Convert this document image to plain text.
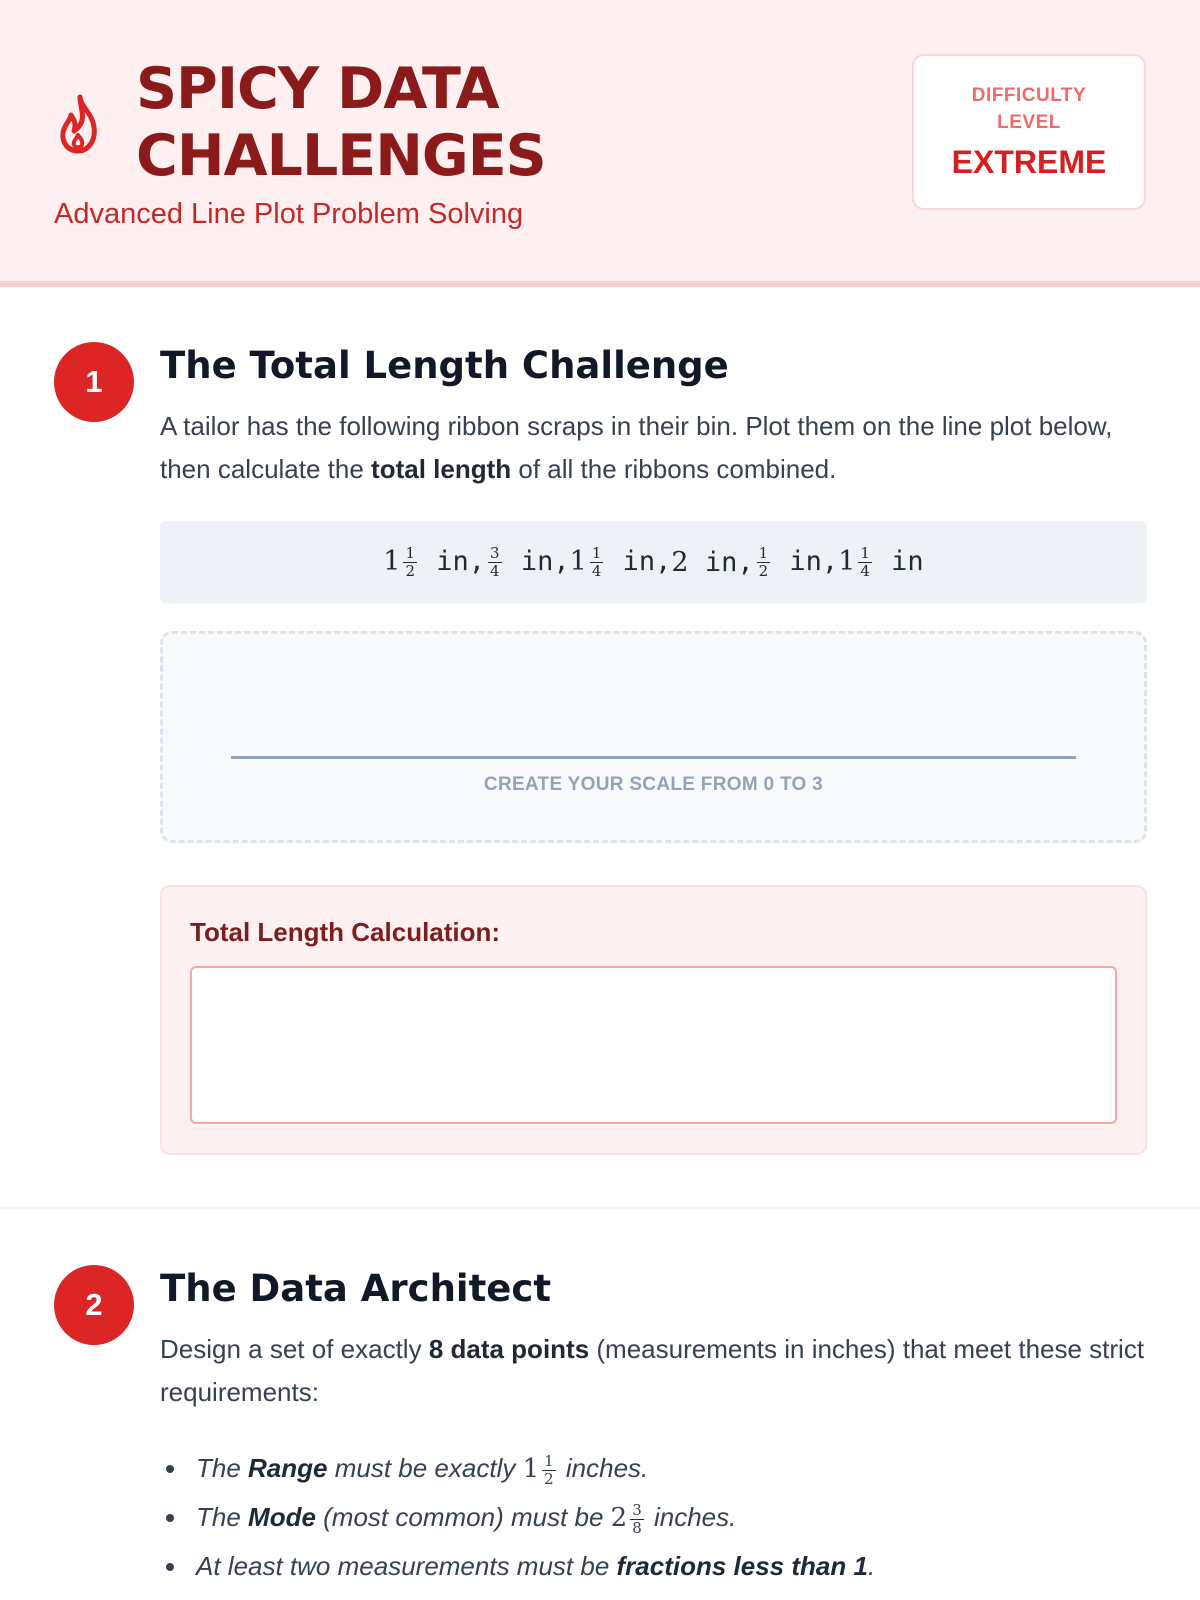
SPICY DATA
CHALLENGES
Advanced Line Plot Problem Solving
DIFFICULTY
LEVEL
EXTREME
1	The Total Length Challenge

A tailor has the following ribbon scraps in their bin. Plot them on the line plot below, then calculate the total length of all the ribbons combined.

$1 \frac{1}{2}$ in, $\frac{3}{4}$ in, $1 \frac{1}{4}$ in, 2 in, $\frac{1}{2}$ in, $1 \frac{1}{4}$ in
CREATE YOUR SCALE FROM 0 TO 3
Total Length Calculation:
2	The Data Architect

Design a set of exactly 8 data points (measurements in inches) that meet these strict requirements:

The Range must be exactly $1 \frac{1}{2}$ inches.
The Mode (most common) must be $2 \frac{3}{8}$ inches.
At least two measurements must be fractions less than 1.
